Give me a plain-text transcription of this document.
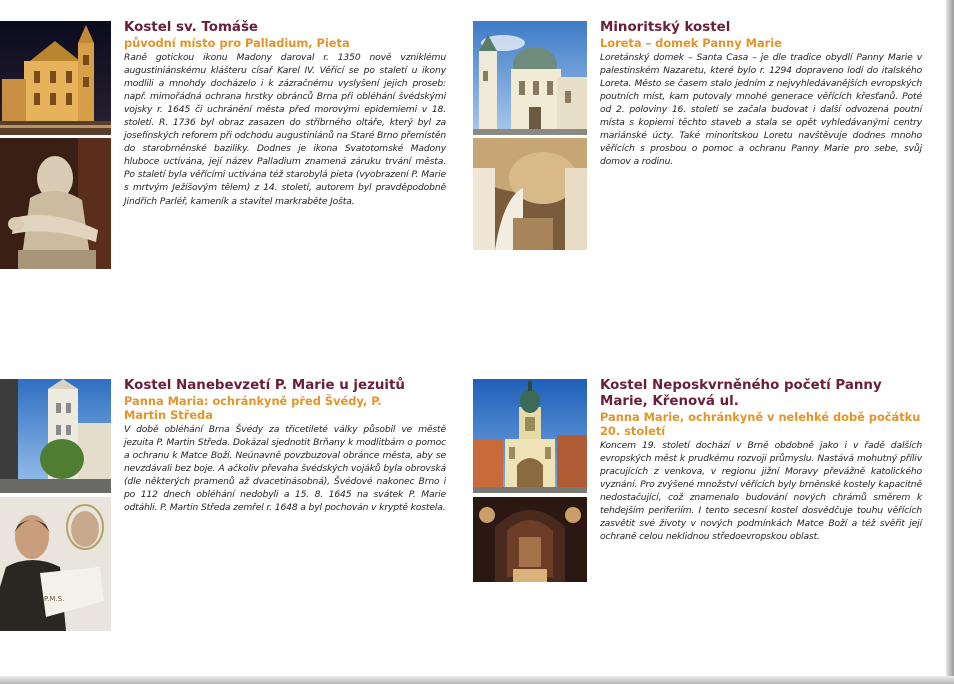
Kostel sv. Tomáše
původní místo pro Palladium, Pieta

Raně gotickou ikonu Madony daroval r. 1350 nově vzniklému augustiniánskému klášteru císař Karel IV. Věřící se po staletí u ikony modlili a mnohdy docházelo i k zázračnému vyslyšení jejich proseb: např. mimořádná ochrana hrstky obránců Brna při obléhání švédskými vojsky r. 1645 či uchránění města před morovými epidemiemi v 18. století. R. 1736 byl obraz zasazen do stříbrného oltáře, který byl za josefínských reforem při odchodu augustiniánů na Staré Brno přemístěn do starobrněnské baziliky. Dodnes je ikona Svatotomské Madony hluboce uctívána, její název Palladium znamená záruku trvání města. Po staletí byla věřícími uctívána též starobylá pieta (vyobrazení P. Marie s mrtvým Ježíšovým tělem) z 14. století, autorem byl pravděpodobně Jindřich Parléř, kameník a stavitel markraběte Jošta.

Minoritský kostel
Loreta – domek Panny Marie

Loretánský domek – Santa Casa – je dle tradice obydlí Panny Marie v palestinském Nazaretu, které bylo r. 1294 dopraveno lodí do italského Loreta. Město se časem stalo jedním z nejvyhledávanějších evropských poutních míst, kam putovaly mnohé generace věřících křesťanů. Poté od 2. poloviny 16. století se začala budovat i další odvozená poutní místa s kopiemi těchto staveb a stala se opět vyhledávanými centry mariánské úcty. Také minoritskou Loretu navštěvuje dodnes mnoho věřících s prosbou o pomoc a ochranu Panny Marie pro sebe, svůj domov a rodinu.

P.M.S.
Kostel Nanebevzetí P. Marie u jezuitů
Panna Maria: ochránkyně před Švédy, P. Martin Středa

V době obléhání Brna Švédy za třicetileté války působil ve městě jezuita P. Martin Středa. Dokázal sjednotit Brňany k modlitbám o pomoc a ochranu k Matce Boží. Neúnavně povzbuzoval obránce města, aby se nevzdávali bez boje. A ačkoliv převaha švédských vojáků byla obrovská (dle některých pramenů až dvacetinásobná), Švédové nakonec Brno i po 112 dnech obléhání nedobyli a 15. 8. 1645 na svátek P. Marie odtáhli. P. Martin Středa zemřel r. 1648 a byl pochován v kryptě kostela.

Kostel Neposkvrněného početí Panny Marie, Křenová ul.
Panna Marie, ochránkyně v nelehké době počátku 20. století

Koncem 19. století dochází v Brně obdobně jako i v řadě dalších evropských měst k prudkému rozvoji průmyslu. Nastává mohutný příliv pracujících z venkova, v regionu jižní Moravy převážně katolického vyznání. Pro zvýšené množství věřících byly brněnské kostely kapacitně nedostačující, což znamenalo budování nových chrámů směrem k tehdejším periferiím. I tento secesní kostel dosvědčuje touhu věřících zasvětit své životy v nových podmínkách Matce Boží a též svěřit její ochraně celou neklidnou středoevropskou oblast.
